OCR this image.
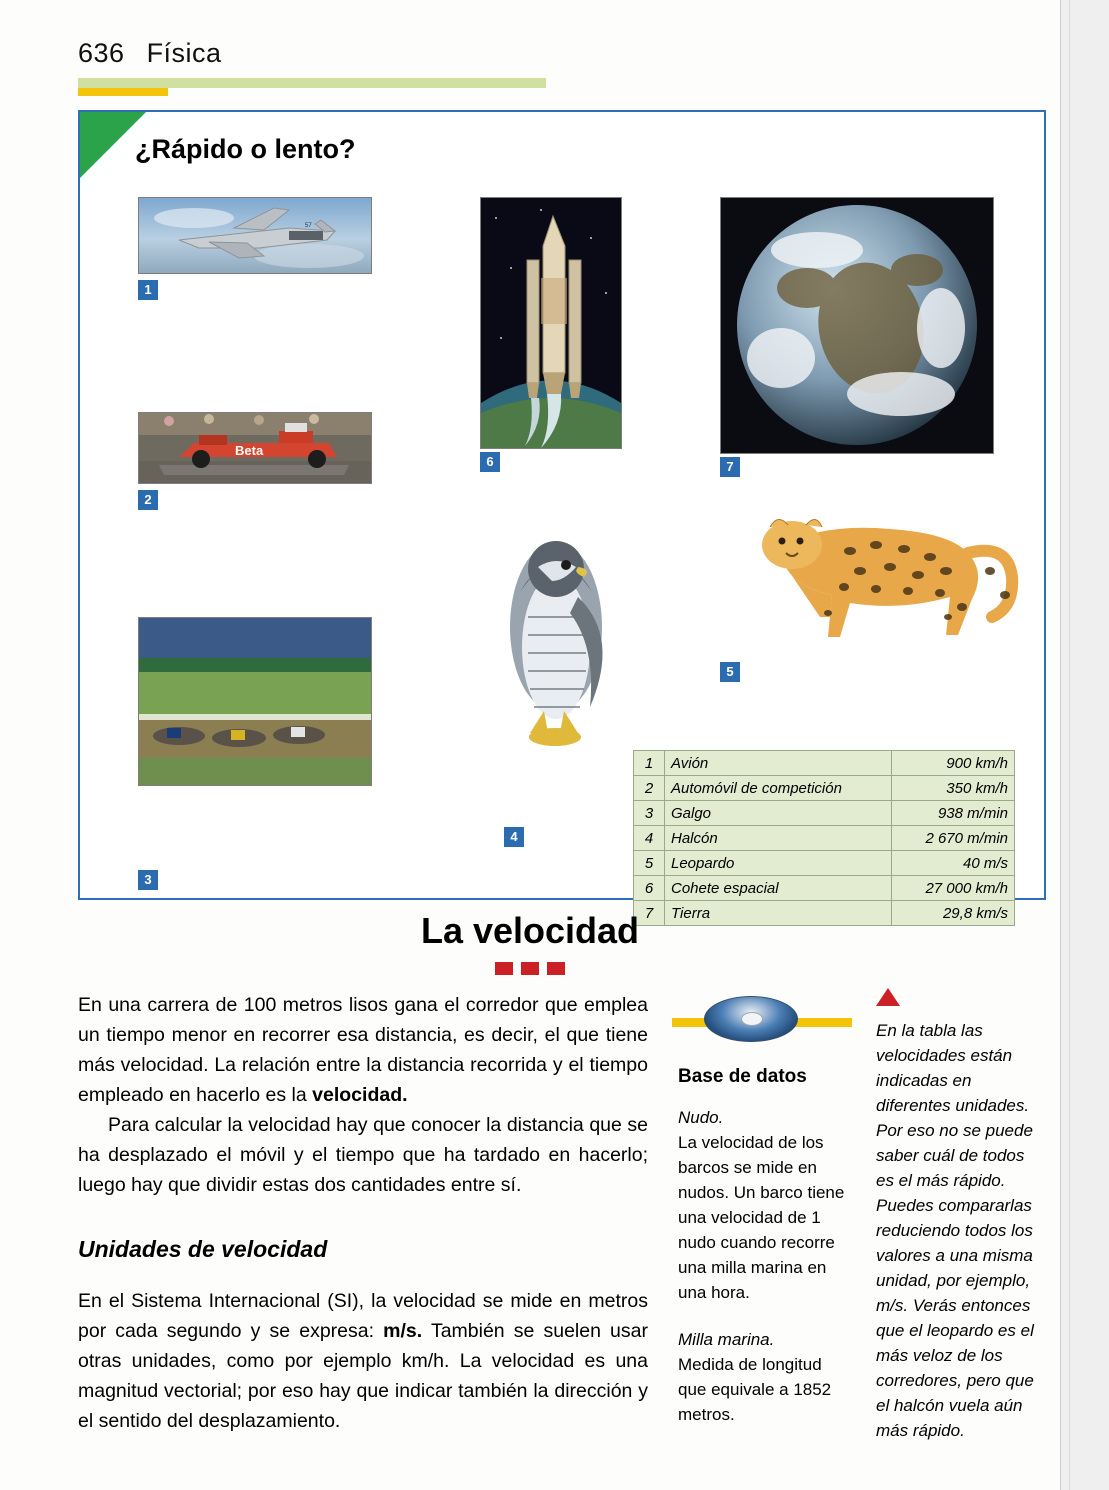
636 Física
¿Rápido o lento?
57
1
Beta
2
3
6	7
4
5
1	Avión	900 km/h
2	Automóvil de competición	350 km/h
3	Galgo	938 m/min
4	Halcón	2 670 m/min
5	Leopardo	40 m/s
6	Cohete espacial	27 000 km/h
7	Tierra	29,8 km/s
La velocidad

En una carrera de 100 metros lisos gana el corredor que emplea un tiempo menor en recorrer esa distancia, es decir, el que tiene más velocidad. La relación entre la distancia recorrida y el tiempo empleado en hacerlo es la velocidad.

Para calcular la velocidad hay que conocer la distancia que se ha desplazado el móvil y el tiempo que ha tardado en hacerlo; luego hay que dividir estas dos cantidades entre sí.

Unidades de velocidad

En el Sistema Internacional (SI), la velocidad se mide en metros por cada segundo y se expresa: m/s. También se suelen usar otras unidades, como por ejemplo km/h. La velocidad es una magnitud vectorial; por eso hay que indicar también la dirección y el sentido del desplazamiento.

Base de datos

Nudo.

La velocidad de los barcos se mide en nudos. Un barco tiene una velocidad de 1 nudo cuando recorre una milla marina en una hora.

Milla marina.

Medida de longitud que equivale a 1852 metros.

En la tabla las velocidades están indicadas en diferentes unidades. Por eso no se puede saber cuál de todos es el más rápido. Puedes compararlas reduciendo todos los valores a una misma unidad, por ejemplo, m/s. Verás entonces que el leopardo es el más veloz de los corredores, pero que el halcón vuela aún más rápido.
